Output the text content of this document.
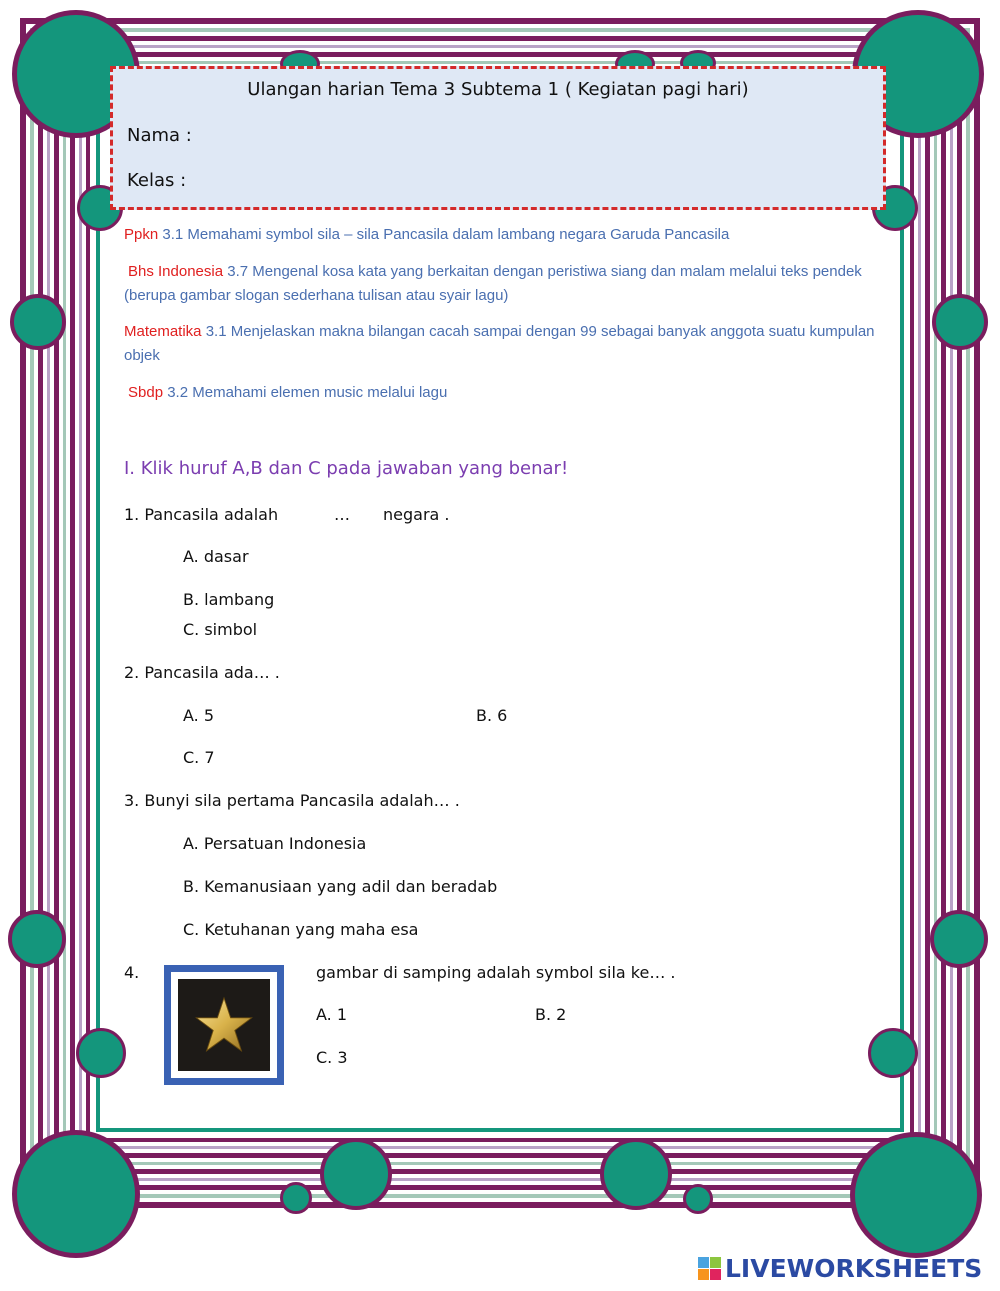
Ulangan harian Tema 3 Subtema 1 ( Kegiatan pagi hari)
Nama :
Kelas :
Ppkn 3.1 Memahami symbol sila – sila Pancasila dalam lambang negara Garuda Pancasila
Bhs Indonesia 3.7 Mengenal kosa kata yang berkaitan dengan peristiwa siang dan malam melalui teks pendek (berupa gambar slogan sederhana tulisan atau syair lagu)
Matematika 3.1 Menjelaskan makna bilangan cacah sampai dengan 99 sebagai banyak anggota suatu kumpulan objek
Sbdp 3.2 Memahami elemen music melalui lagu
I. Klik huruf A,B dan C pada jawaban yang benar!
1. Pancasila adalah	… negara .
A. dasar
B. lambang
C. simbol
2. Pancasila ada… .
A. 5	B. 6
C. 7
3. Bunyi sila pertama Pancasila adalah… .
A. Persatuan Indonesia
B. Kemanusiaan yang adil dan beradab
C. Ketuhanan yang maha esa
4.	gambar di samping adalah symbol sila ke… .
A. 1	B. 2
C. 3
LIVEWORKSHEETS
